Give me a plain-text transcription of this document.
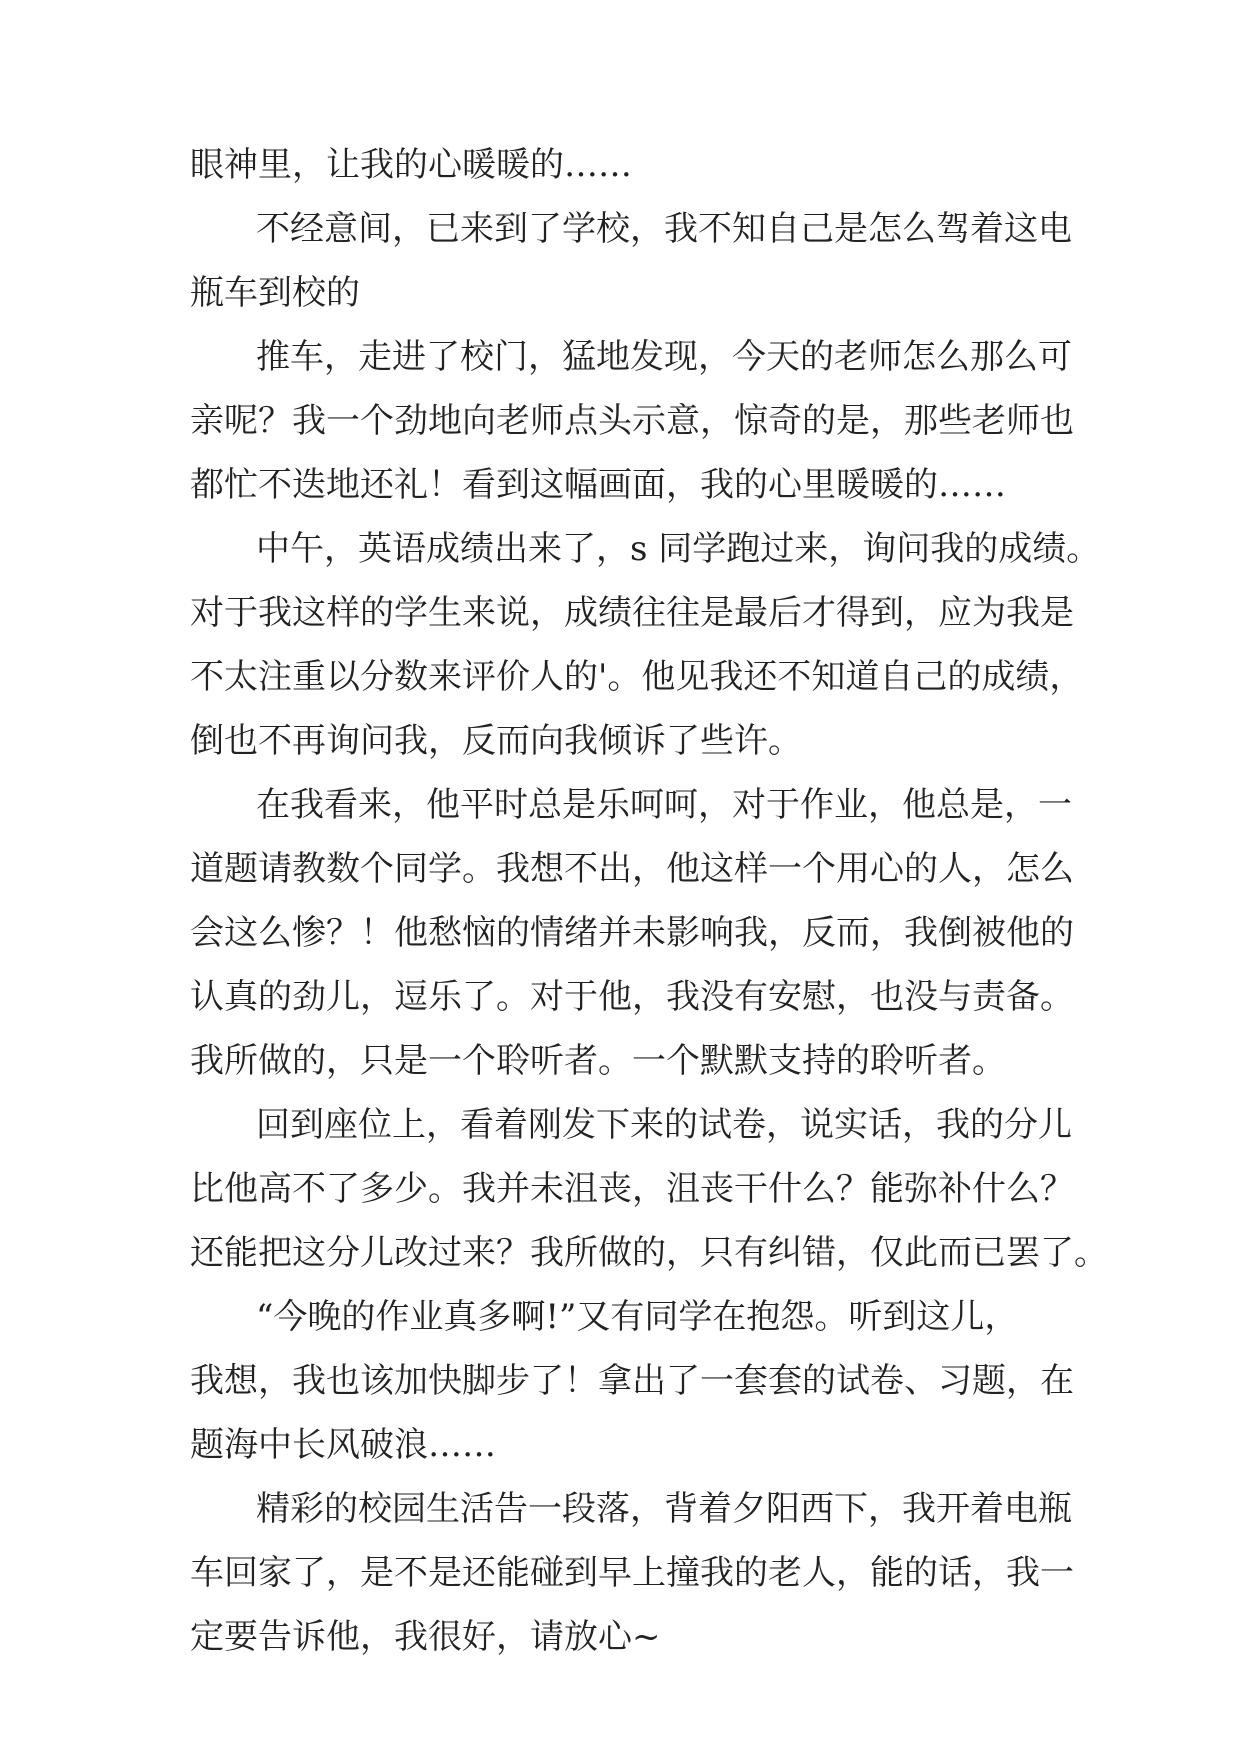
眼神里，让我的心暖暖的……
不经意间，已来到了学校，我不知自己是怎么驾着这电
瓶车到校的
推车，走进了校门，猛地发现，今天的老师怎么那么可
亲呢？我一个劲地向老师点头示意，惊奇的是，那些老师也
都忙不迭地还礼！看到这幅画面，我的心里暖暖的……
中午，英语成绩出来了，s 同学跑过来，询问我的成绩。
对于我这样的学生来说，成绩往往是最后才得到，应为我是
不太注重以分数来评价人的'。他见我还不知道自己的成绩，
倒也不再询问我，反而向我倾诉了些许。
在我看来，他平时总是乐呵呵，对于作业，他总是，一
道题请教数个同学。我想不出，他这样一个用心的人，怎么
会这么惨？！他愁恼的情绪并未影响我，反而，我倒被他的
认真的劲儿，逗乐了。对于他，我没有安慰，也没与责备。
我所做的，只是一个聆听者。一个默默支持的聆听者。
回到座位上，看着刚发下来的试卷，说实话，我的分儿
比他高不了多少。我并未沮丧，沮丧干什么？能弥补什么？
还能把这分儿改过来？我所做的，只有纠错，仅此而已罢了。
“今晚的作业真多啊!”又有同学在抱怨。听到这儿，
我想，我也该加快脚步了！拿出了一套套的试卷、习题，在
题海中长风破浪……
精彩的校园生活告一段落，背着夕阳西下，我开着电瓶
车回家了，是不是还能碰到早上撞我的老人，能的话，我一
定要告诉他，我很好，请放心~
